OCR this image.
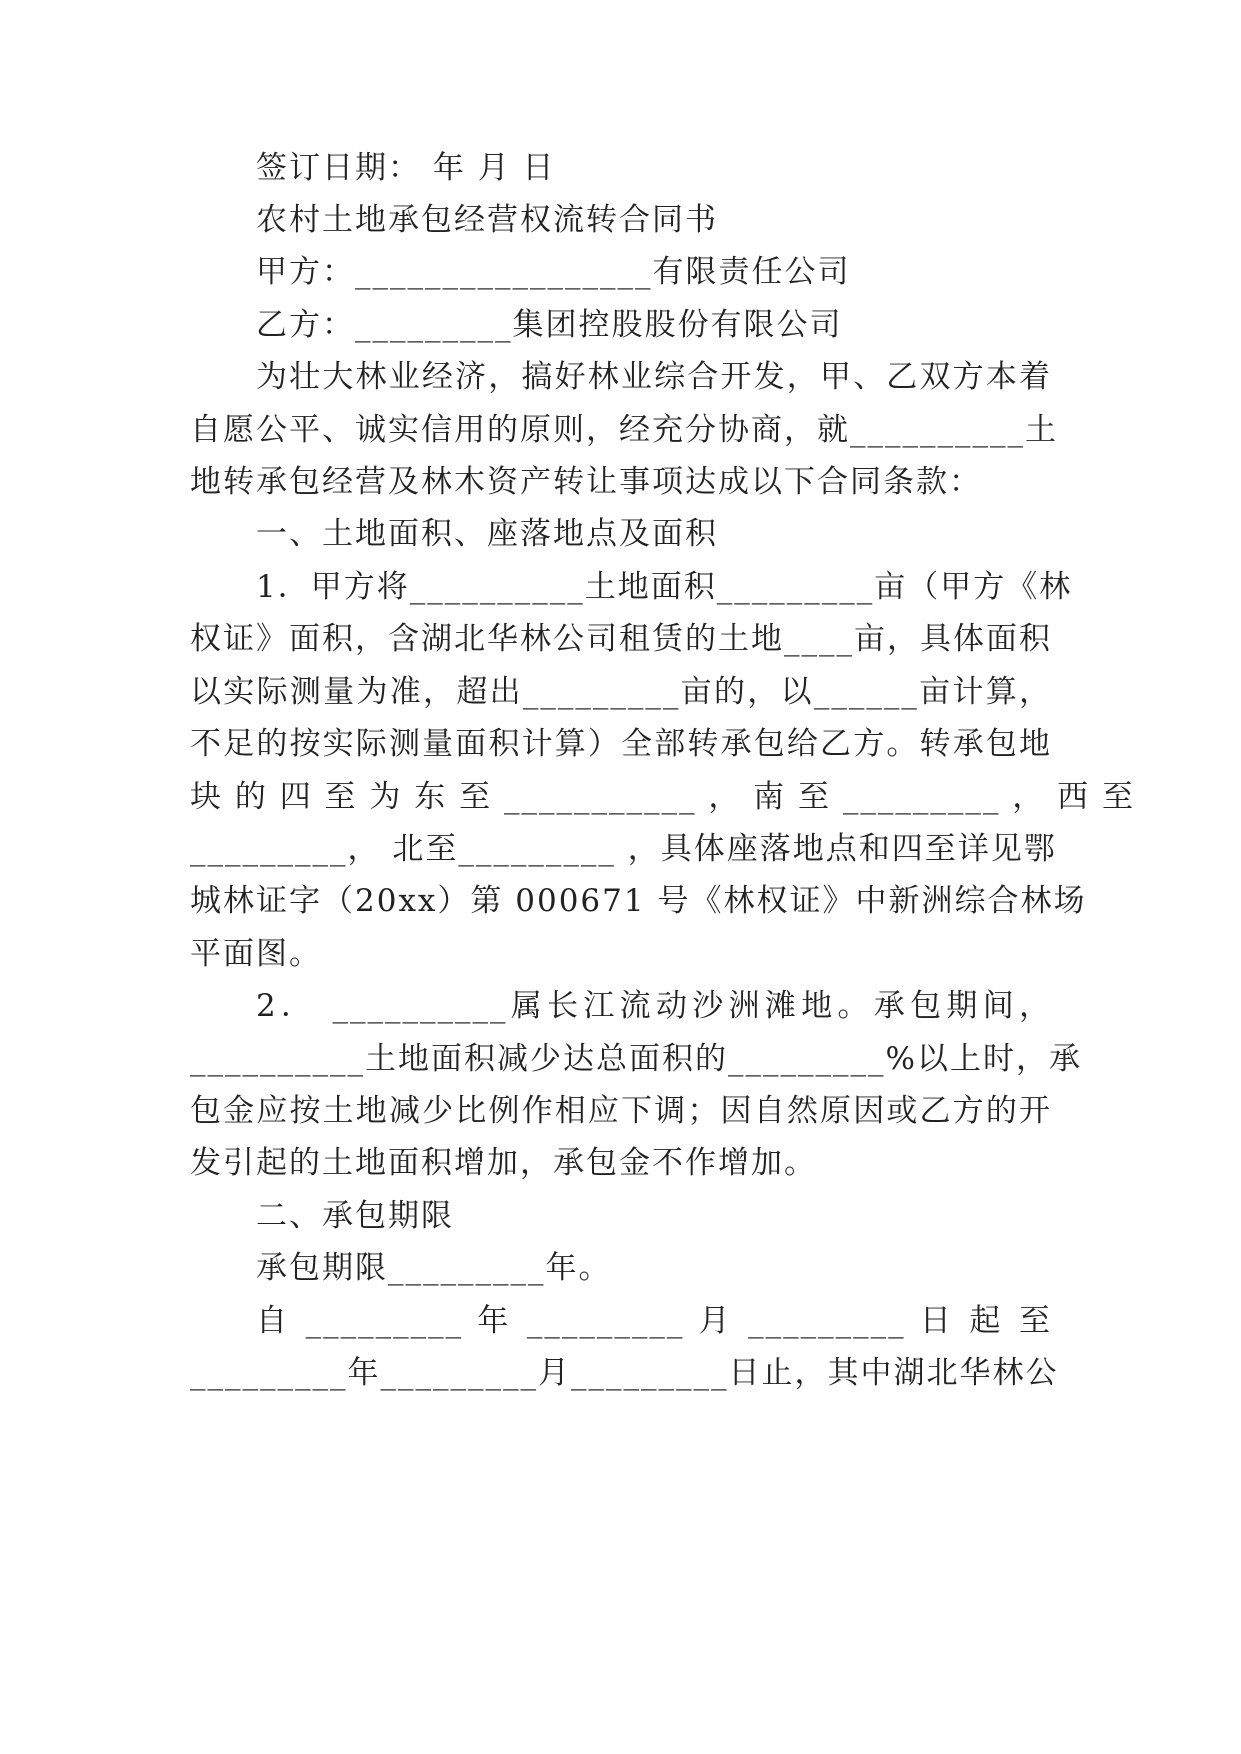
签订日期： 年 月 日
农村土地承包经营权流转合同书
甲方：_________________有限责任公司
乙方：_________集团控股股份有限公司
为壮大林业经济，搞好林业综合开发，甲、乙双方本着
自愿公平、诚实信用的原则，经充分协商，就__________土
地转承包经营及林木资产转让事项达成以下合同条款：
一、土地面积、座落地点及面积
1．甲方将__________土地面积_________亩（甲方《林
权证》面积，含湖北华林公司租赁的土地____亩，具体面积
以实际测量为准，超出_________亩的，以______亩计算，
不足的按实际测量面积计算）全部转承包给乙方。转承包地
块 的 四 至 为 东 至 ___________ ， 南 至 _________ ， 西 至
_________， 北至_________ ，具体座落地点和四至详见鄂
城林证字（20xx）第 000671 号《林权证》中新洲综合林场
平面图。
2． __________属长江流动沙洲滩地。承包期间，
__________土地面积减少达总面积的_________%以上时，承
包金应按土地减少比例作相应下调；因自然原因或乙方的开
发引起的土地面积增加，承包金不作增加。
二、承包期限
承包期限_________年。
自 _________ 年 _________ 月 _________ 日 起 至
_________年_________月_________日止，其中湖北华林公
